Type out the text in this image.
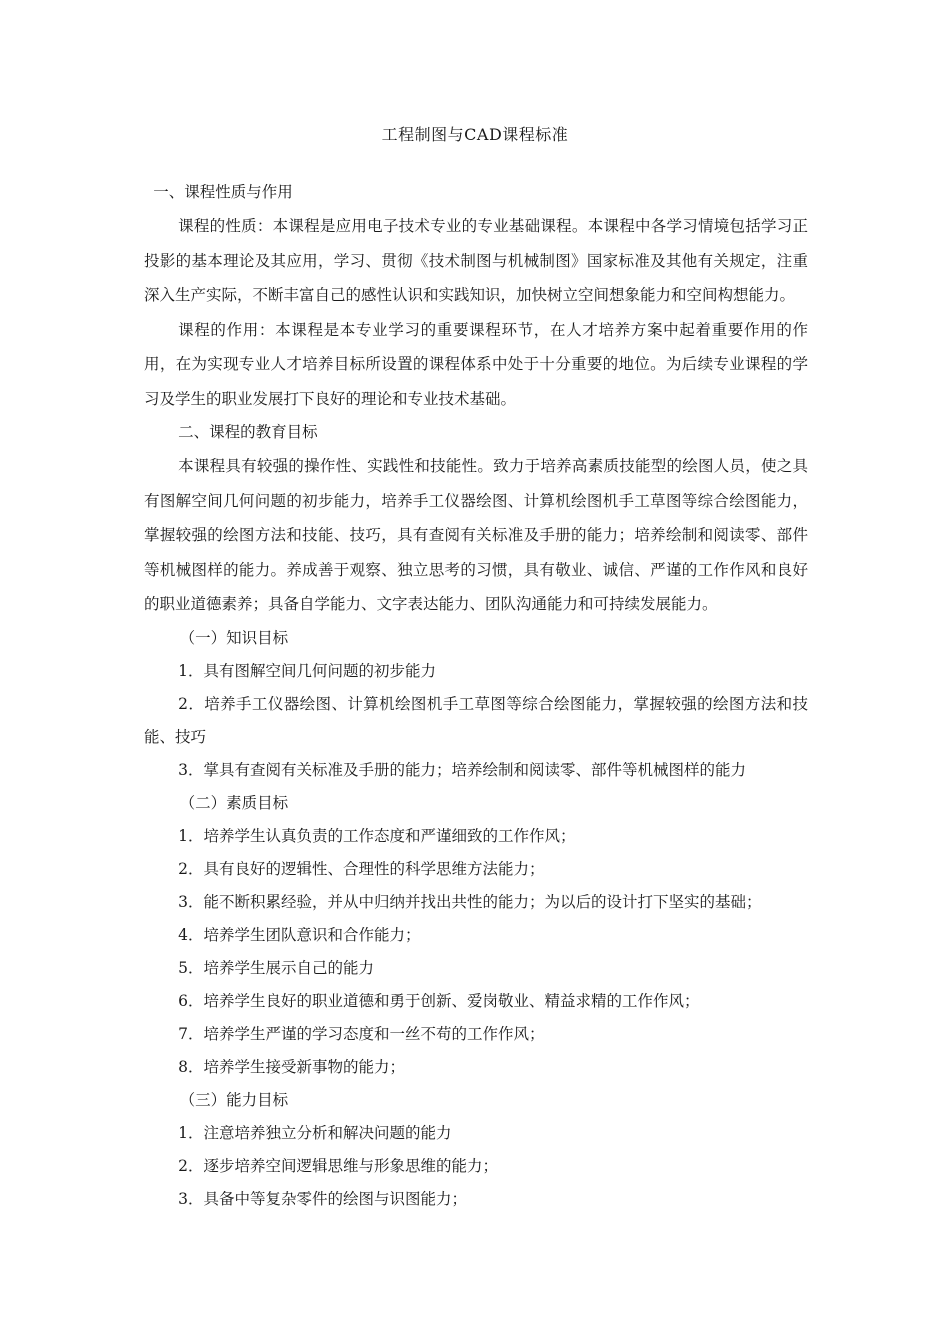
工程制图与CAD课程标准

一、课程性质与作用

课程的性质：本课程是应用电子技术专业的专业基础课程。本课程中各学习情境包括学习正投影的基本理论及其应用，学习、贯彻《技术制图与机械制图》国家标准及其他有关规定，注重深入生产实际，不断丰富自己的感性认识和实践知识，加快树立空间想象能力和空间构想能力。

课程的作用：本课程是本专业学习的重要课程环节，在人才培养方案中起着重要作用的作用，在为实现专业人才培养目标所设置的课程体系中处于十分重要的地位。为后续专业课程的学习及学生的职业发展打下良好的理论和专业技术基础。

二、课程的教育目标

本课程具有较强的操作性、实践性和技能性。致力于培养高素质技能型的绘图人员，使之具有图解空间几何问题的初步能力，培养手工仪器绘图、计算机绘图机手工草图等综合绘图能力，掌握较强的绘图方法和技能、技巧，具有查阅有关标准及手册的能力；培养绘制和阅读零、部件等机械图样的能力。养成善于观察、独立思考的习惯，具有敬业、诚信、严谨的工作作风和良好的职业道德素养；具备自学能力、文字表达能力、团队沟通能力和可持续发展能力。

（一）知识目标

1．具有图解空间几何问题的初步能力

2．培养手工仪器绘图、计算机绘图机手工草图等综合绘图能力，掌握较强的绘图方法和技能、技巧

3．掌具有查阅有关标准及手册的能力；培养绘制和阅读零、部件等机械图样的能力

（二）素质目标

1．培养学生认真负责的工作态度和严谨细致的工作作风；

2．具有良好的逻辑性、合理性的科学思维方法能力；

3．能不断积累经验，并从中归纳并找出共性的能力；为以后的设计打下坚实的基础；

4．培养学生团队意识和合作能力；

5．培养学生展示自己的能力

6．培养学生良好的职业道德和勇于创新、爱岗敬业、精益求精的工作作风；

7．培养学生严谨的学习态度和一丝不苟的工作作风；

8．培养学生接受新事物的能力；

（三）能力目标

1．注意培养独立分析和解决问题的能力

2．逐步培养空间逻辑思维与形象思维的能力；

3．具备中等复杂零件的绘图与识图能力；
